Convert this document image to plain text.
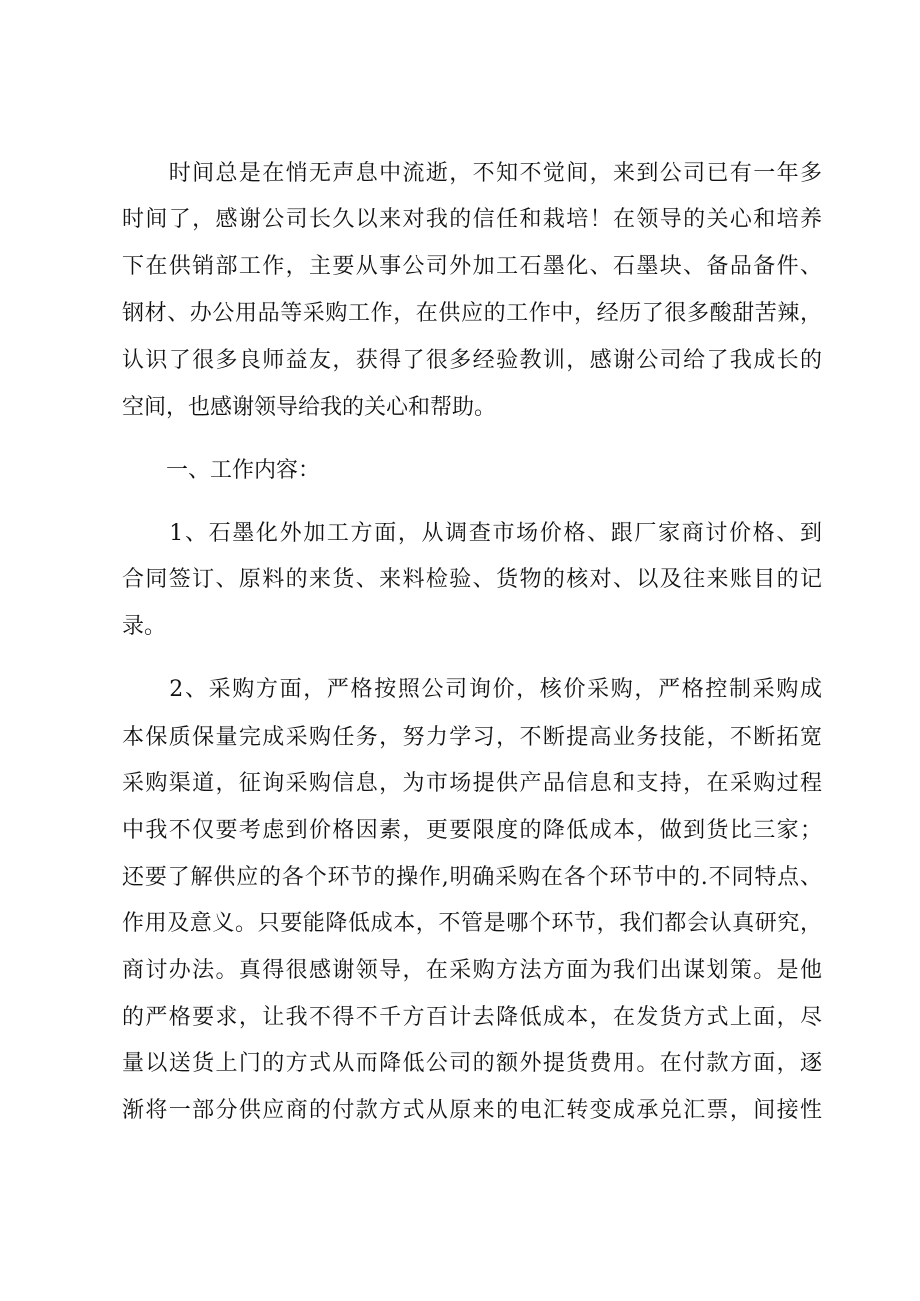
　　时间总是在悄无声息中流逝，不知不觉间，来到公司已有一年多
时间了，感谢公司长久以来对我的信任和栽培！在领导的关心和培养
下在供销部工作，主要从事公司外加工石墨化、石墨块、备品备件、
钢材、办公用品等采购工作，在供应的工作中，经历了很多酸甜苦辣，
认识了很多良师益友，获得了很多经验教训，感谢公司给了我成长的
空间，也感谢领导给我的关心和帮助。
　　一、工作内容：
　　1、石墨化外加工方面，从调查市场价格、跟厂家商讨价格、到
合同签订、原料的来货、来料检验、货物的核对、以及往来账目的记
录。
　　2、采购方面，严格按照公司询价，核价采购，严格控制采购成
本保质保量完成采购任务，努力学习，不断提高业务技能，不断拓宽
采购渠道，征询采购信息，为市场提供产品信息和支持，在采购过程
中我不仅要考虑到价格因素，更要限度的降低成本，做到货比三家；
还要了解供应的各个环节的操作,明确采购在各个环节中的.不同特点、
作用及意义。只要能降低成本，不管是哪个环节，我们都会认真研究，
商讨办法。真得很感谢领导，在采购方法方面为我们出谋划策。是他
的严格要求，让我不得不千方百计去降低成本，在发货方式上面，尽
量以送货上门的方式从而降低公司的额外提货费用。在付款方面，逐
渐将一部分供应商的付款方式从原来的电汇转变成承兑汇票，间接性
